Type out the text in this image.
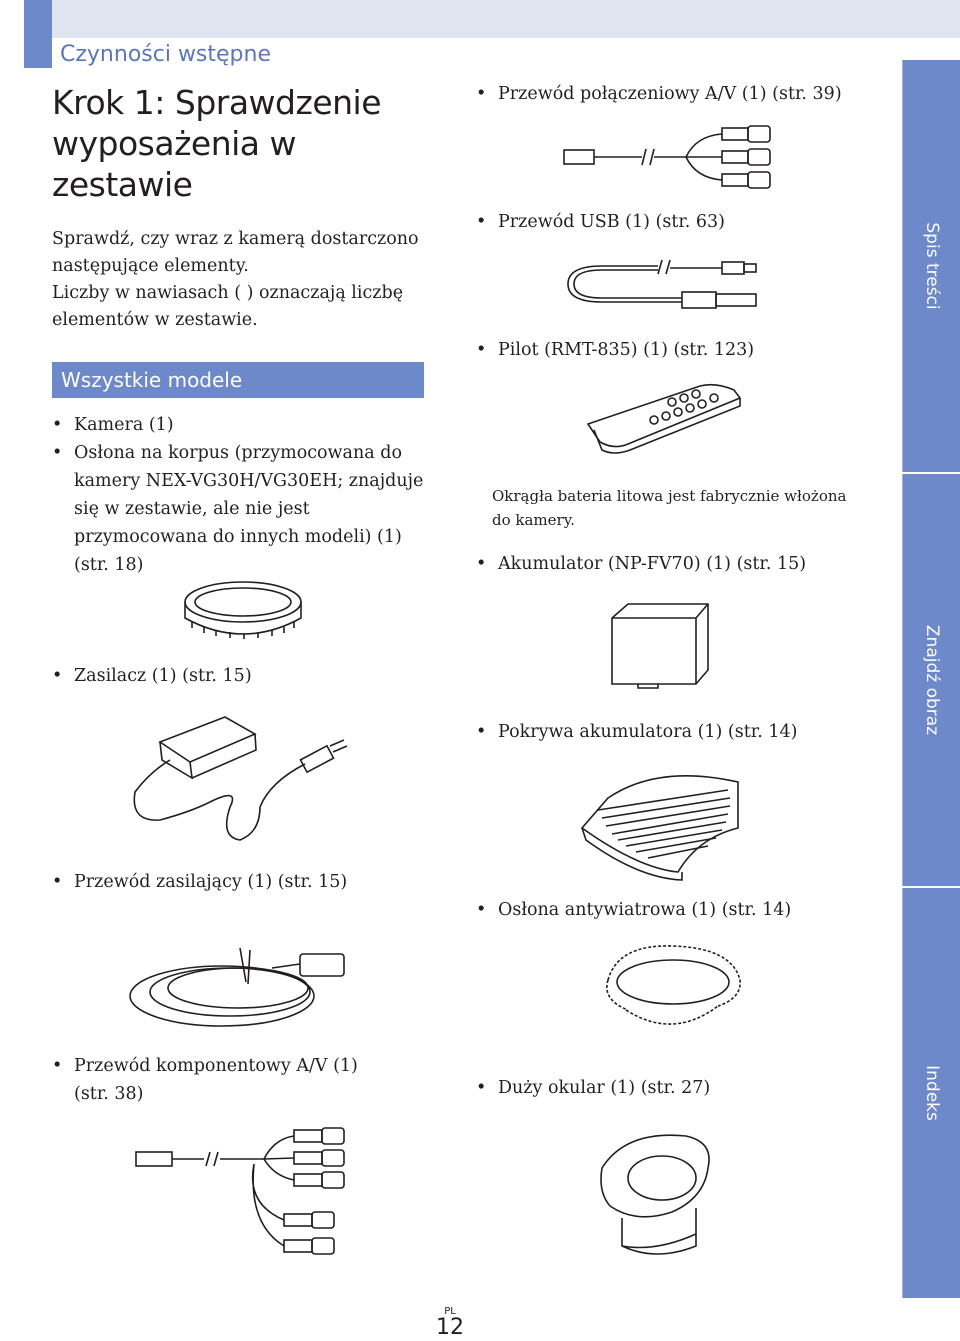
Czynności wstępne
Krok 1: Sprawdzenie
wyposażenia w
zestawie

Sprawdź, czy wraz z kamerą dostarczono następujące elementy.

Liczby w nawiasach ( ) oznaczają liczbę elementów w zestawie.

Wszystkie modele
• Kamera (1)
• Osłona na korpus (przymocowana do kamery NEX-VG30H/VG30EH; znajduje się w zestawie, ale nie jest przymocowana do innych modeli) (1) (str. 18)
• Zasilacz (1) (str. 15)
• Przewód zasilający (1) (str. 15)
• Przewód komponentowy A/V (1) (str. 38)
• Przewód połączeniowy A/V (1) (str. 39)
• Przewód USB (1) (str. 63)
• Pilot (RMT-835) (1) (str. 123)
Okrągła bateria litowa jest fabrycznie włożona do kamery.
• Akumulator (NP-FV70) (1) (str. 15)
• Pokrywa akumulatora (1) (str. 14)
• Osłona antywiatrowa (1) (str. 14)
• Duży okular (1) (str. 27)
Spis treści
Znajdź obraz
Indeks
PL
12
